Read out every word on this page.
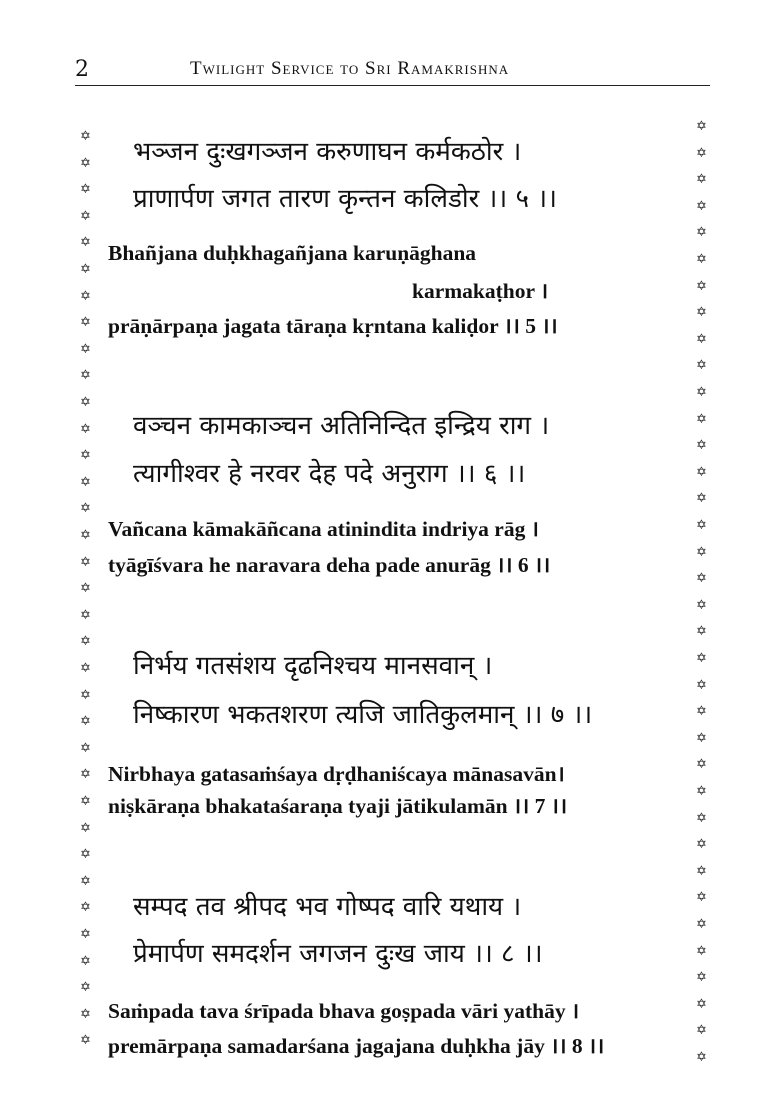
2	Twilight Service to Sri Ramakrishna
भञ्जन दुःखगञ्जन करुणाघन कर्मकठोर ।
प्राणार्पण जगत तारण कृन्तन कलिडोर ।। ५ ।।
Bhañjana duḥkhagañjana karuṇāghana
karmakaṭhor ।
prāṇārpaṇa jagata tāraṇa kṛntana kaliḍor ।। 5 ।।
वञ्चन कामकाञ्चन अतिनिन्दित इन्द्रिय राग ।
त्यागीश्वर हे नरवर देह पदे अनुराग ।। ६ ।।
Vañcana kāmakāñcana atinindita indriya rāg ।
tyāgīśvara he naravara deha pade anurāg ।। 6 ।।
निर्भय गतसंशय दृढनिश्चय मानसवान् ।
निष्कारण भकतशरण त्यजि जातिकुलमान् ।। ७ ।।
Nirbhaya gatasaṁśaya dṛḍhaniścaya mānasavān।
niṣkāraṇa bhakataśaraṇa tyaji jātikulamān ।। 7 ।।
सम्पद तव श्रीपद भव गोष्पद वारि यथाय ।
प्रेमार्पण समदर्शन जगजन दुःख जाय ।। ८ ।।
Saṁpada tava śrīpada bhava goṣpada vāri yathāy ।
premārpaṇa samadarśana jagajana duḥkha jāy ।। 8 ।।
✡
✡
✡
✡
✡
✡
✡
✡
✡
✡
✡
✡
✡
✡
✡
✡
✡
✡
✡
✡
✡
✡
✡
✡
✡
✡
✡
✡
✡
✡
✡
✡
✡
✡
✡
✡
✡
✡
✡
✡
✡
✡
✡
✡
✡
✡
✡
✡
✡
✡
✡
✡
✡
✡
✡
✡
✡
✡
✡
✡
✡
✡
✡
✡
✡
✡
✡
✡
✡
✡
✡
